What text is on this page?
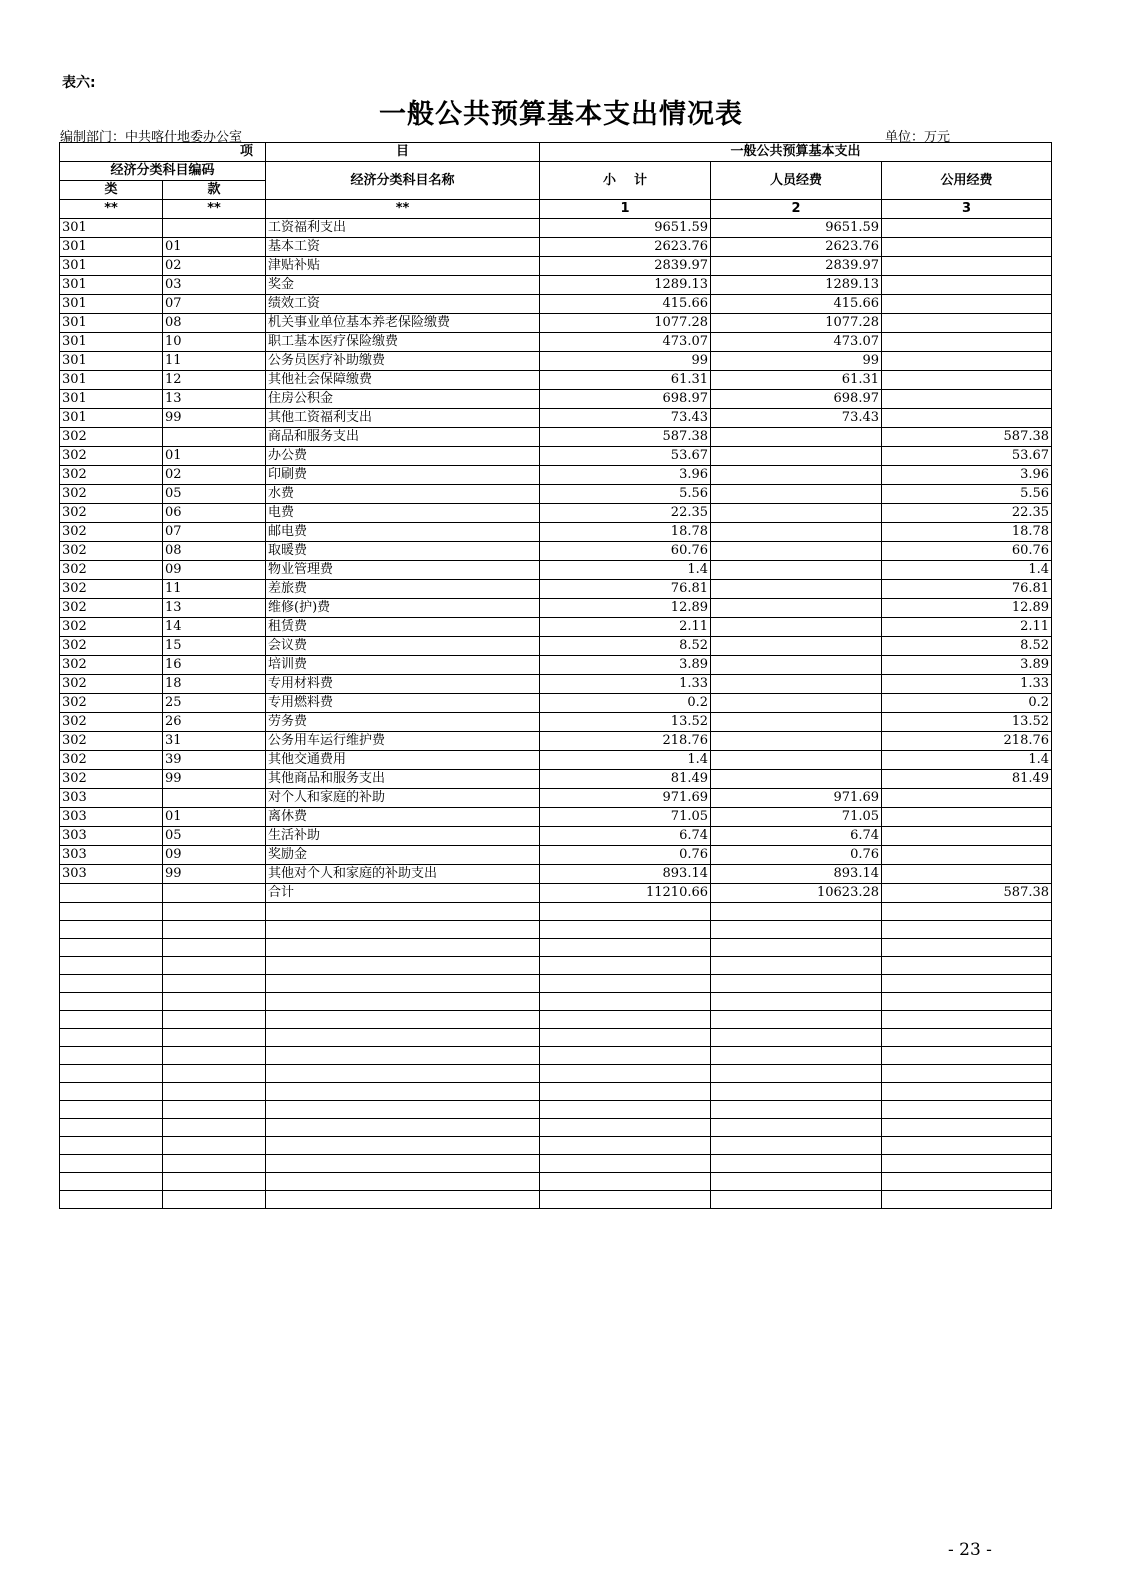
表六:
一般公共预算基本支出情况表
编制部门：中共喀什地委办公室	单位：万元
项		目	一般公共预算基本支出		
经济分类科目编码		经济分类科目名称	小    计	人员经费	公用经费
类	款				
**	**	**	1	2	3
301		工资福利支出	9651.59	9651.59	
301	01	基本工资	2623.76	2623.76	
301	02	津贴补贴	2839.97	2839.97	
301	03	奖金	1289.13	1289.13	
301	07	绩效工资	415.66	415.66	
301	08	机关事业单位基本养老保险缴费	1077.28	1077.28	
301	10	职工基本医疗保险缴费	473.07	473.07	
301	11	公务员医疗补助缴费	99	99	
301	12	其他社会保障缴费	61.31	61.31	
301	13	住房公积金	698.97	698.97	
301	99	其他工资福利支出	73.43	73.43	
302		商品和服务支出	587.38		587.38
302	01	办公费	53.67		53.67
302	02	印刷费	3.96		3.96
302	05	水费	5.56		5.56
302	06	电费	22.35		22.35
302	07	邮电费	18.78		18.78
302	08	取暖费	60.76		60.76
302	09	物业管理费	1.4		1.4
302	11	差旅费	76.81		76.81
302	13	维修(护)费	12.89		12.89
302	14	租赁费	2.11		2.11
302	15	会议费	8.52		8.52
302	16	培训费	3.89		3.89
302	18	专用材料费	1.33		1.33
302	25	专用燃料费	0.2		0.2
302	26	劳务费	13.52		13.52
302	31	公务用车运行维护费	218.76		218.76
302	39	其他交通费用	1.4		1.4
302	99	其他商品和服务支出	81.49		81.49
303		对个人和家庭的补助	971.69	971.69	
303	01	离休费	71.05	71.05	
303	05	生活补助	6.74	6.74	
303	09	奖励金	0.76	0.76	
303	99	其他对个人和家庭的补助支出	893.14	893.14	
		合计	11210.66	10623.28	587.38

- 23 -
